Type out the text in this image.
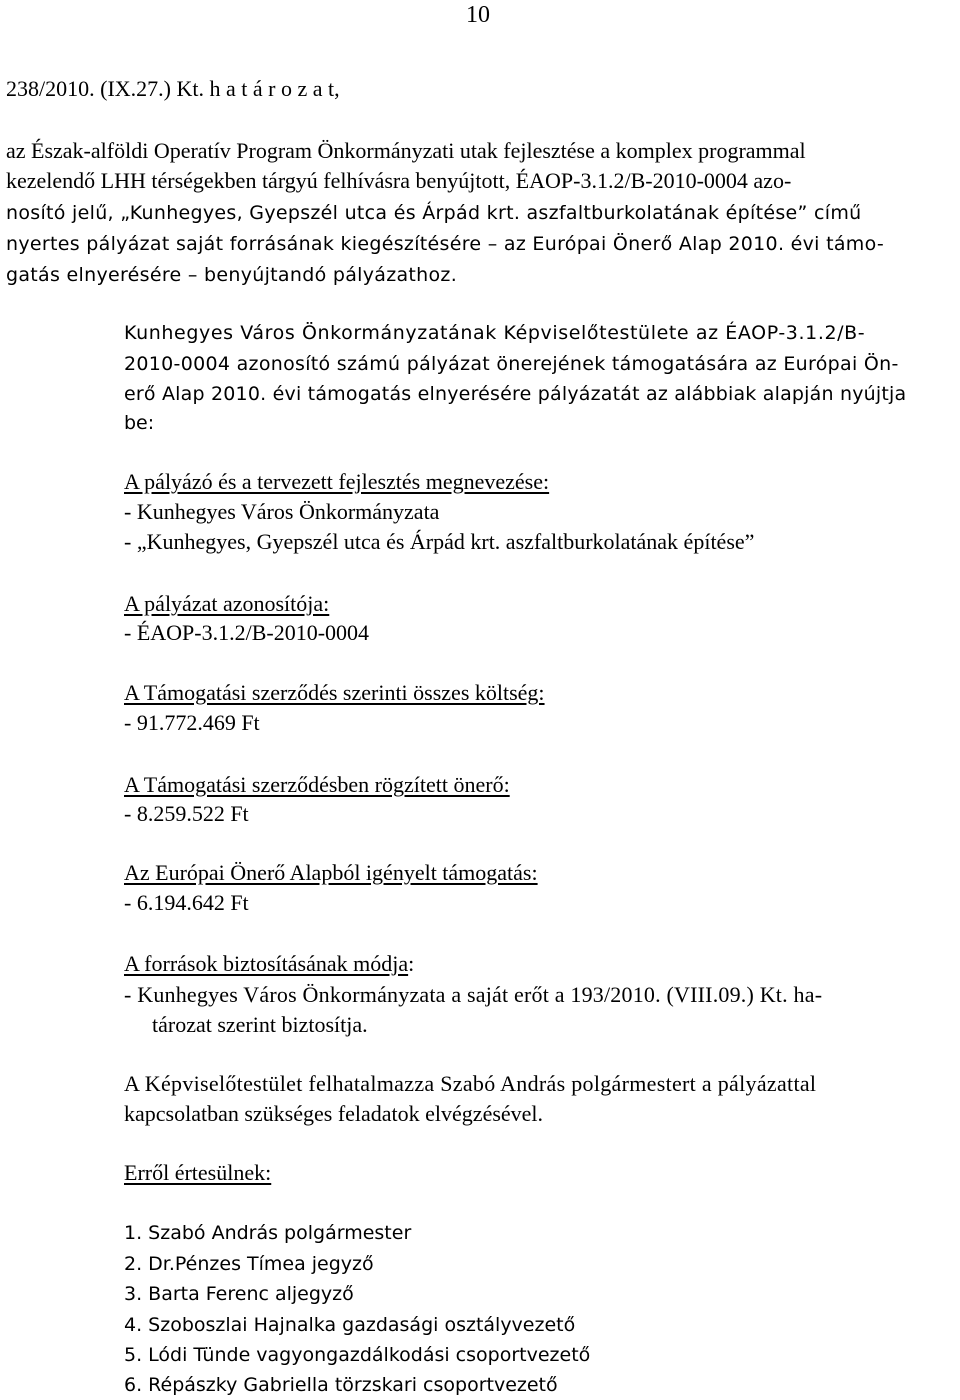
10
238/2010. (IX.27.) Kt. h a t á r o z a t,
az Észak-alföldi Operatív Program Önkormányzati utak fejlesztése a komplex programmal
kezelendő LHH térségekben tárgyú felhívásra benyújtott, ÉAOP-3.1.2/B-2010-0004 azo-
nosító jelű, „Kunhegyes, Gyepszél utca és Árpád krt. aszfaltburkolatának építése” című
nyertes pályázat saját forrásának kiegészítésére – az Európai Önerő Alap 2010. évi támo-
gatás elnyerésére – benyújtandó pályázathoz.
Kunhegyes Város Önkormányzatának Képviselőtestülete az ÉAOP-3.1.2/B-
2010-0004 azonosító számú pályázat önerejének támogatására az Európai Ön-
erő Alap 2010. évi támogatás elnyerésére pályázatát az alábbiak alapján nyújtja
be:
A pályázó és a tervezett fejlesztés megnevezése:
- Kunhegyes Város Önkormányzata
- „Kunhegyes, Gyepszél utca és Árpád krt. aszfaltburkolatának építése”
A pályázat azonosítója:
- ÉAOP-3.1.2/B-2010-0004
A Támogatási szerződés szerinti összes költség:
- 91.772.469 Ft
A Támogatási szerződésben rögzített önerő:
- 8.259.522 Ft
Az Európai Önerő Alapból igényelt támogatás:
- 6.194.642 Ft
A források biztosításának módja:
- Kunhegyes Város Önkormányzata a saját erőt a 193/2010. (VIII.09.) Kt. ha-
tározat szerint biztosítja.
A Képviselőtestület felhatalmazza Szabó András polgármestert a pályázattal
kapcsolatban szükséges feladatok elvégzésével.
Erről értesülnek:
1. Szabó András polgármester
2. Dr.Pénzes Tímea jegyző
3. Barta Ferenc aljegyző
4. Szoboszlai Hajnalka gazdasági osztályvezető
5. Lódi Tünde vagyongazdálkodási csoportvezető
6. Répászky Gabriella törzskari csoportvezető
